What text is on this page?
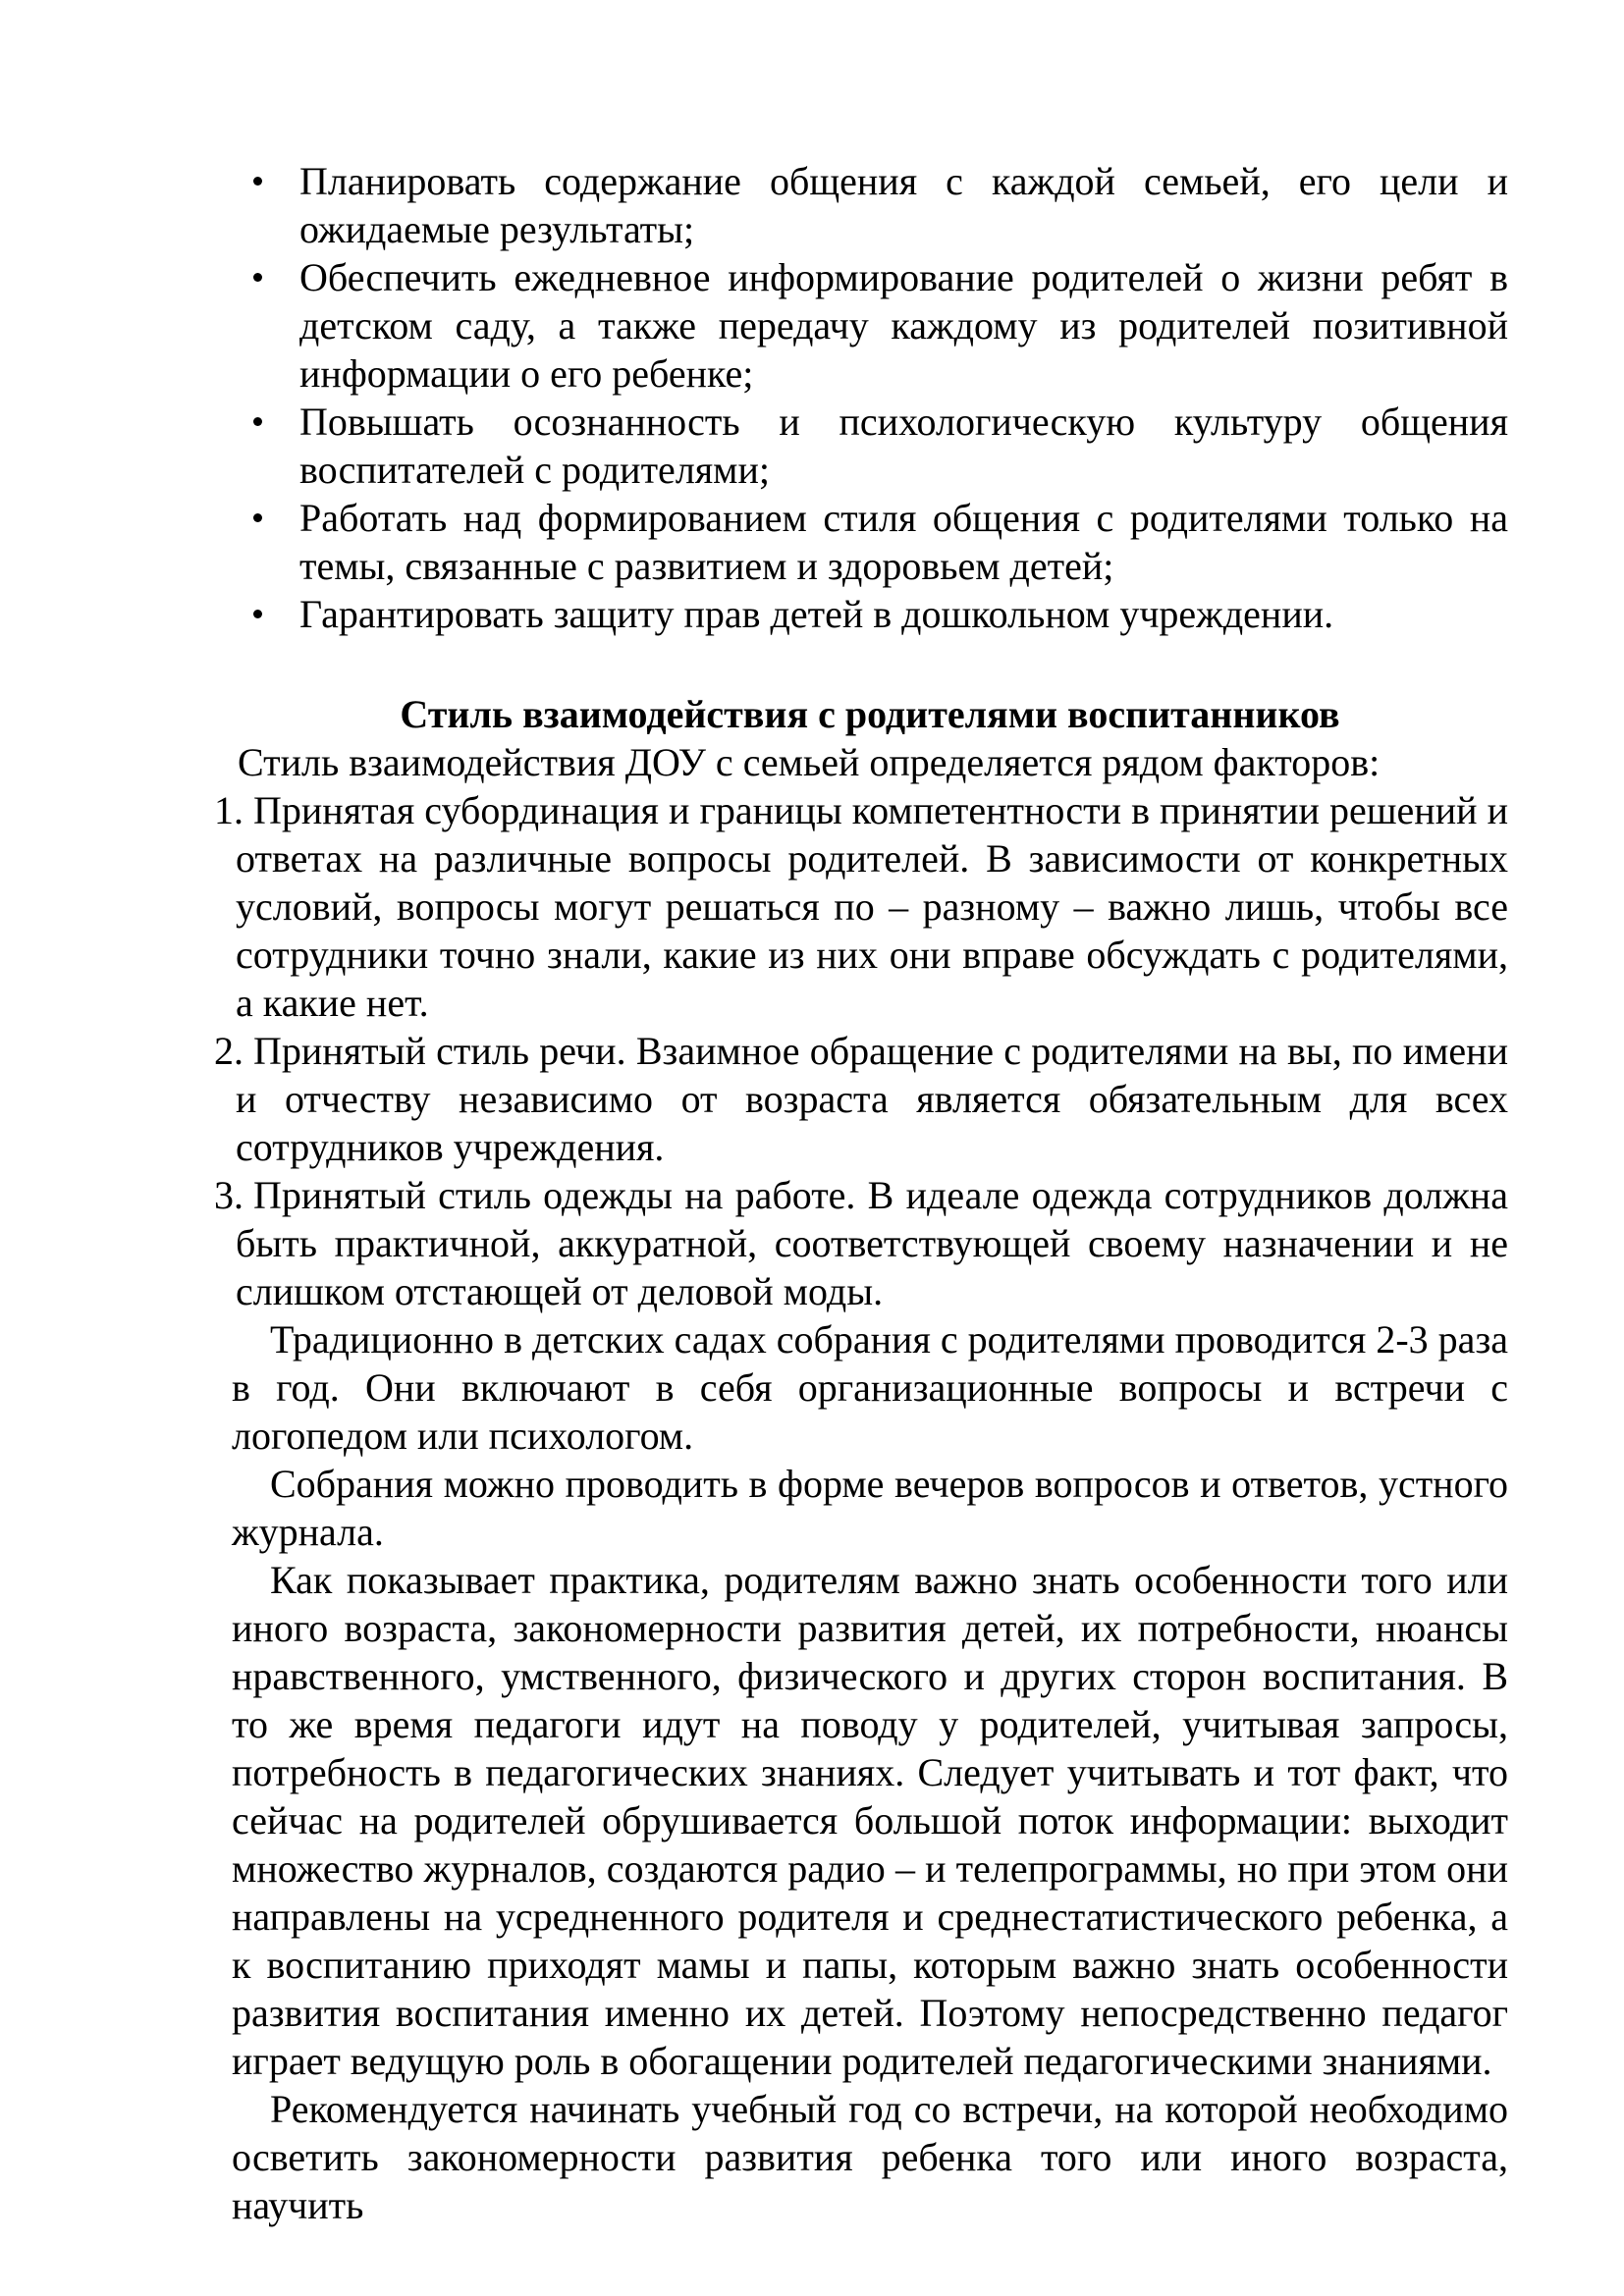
Планировать содержание общения с каждой семьей, его цели и ожидаемые результаты;
Обеспечить ежедневное информирование родителей о жизни ребят в детском саду, а также передачу каждому из родителей позитивной информации о его ребенке;
Повышать осознанность и психологическую культуру общения воспитателей с родителями;
Работать над формированием стиля общения с родителями только на темы, связанные с развитием и здоровьем детей;
Гарантировать защиту прав детей в дошкольном учреждении.
Стиль взаимодействия с родителями воспитанников

Стиль взаимодействия ДОУ с семьей определяется рядом факторов:

1. Принятая субординация и границы компетентности в принятии решений и ответах на различные вопросы родителей. В зависимости от конкретных условий, вопросы могут решаться по – разному – важно лишь, чтобы все сотрудники точно знали, какие из них они вправе обсуждать с родителями, а какие нет.
2. Принятый стиль речи. Взаимное обращение с родителями на вы, по имени и отчеству независимо от возраста является обязательным для всех сотрудников учреждения.
3. Принятый стиль одежды на работе. В идеале одежда сотрудников должна быть практичной, аккуратной, соответствующей своему назначении и не слишком отстающей от деловой моды.

Традиционно в детских садах собрания с родителями проводится 2-3 раза в год. Они включают в себя организационные вопросы и встречи с логопедом или психологом.

Собрания можно проводить в форме вечеров вопросов и ответов, устного журнала.

Как показывает практика, родителям важно знать особенности того или иного возраста, закономерности развития детей, их потребности, нюансы нравственного, умственного, физического и других сторон воспитания. В то же время педагоги идут на поводу у родителей, учитывая запросы, потребность в педагогических знаниях. Следует учитывать и тот факт, что сейчас на родителей обрушивается большой поток информации: выходит множество журналов, создаются радио – и телепрограммы, но при этом они направлены на усредненного родителя и среднестатистического ребенка, а к воспитанию приходят мамы и папы, которым важно знать особенности развития воспитания именно их детей. Поэтому непосредственно педагог играет ведущую роль в обогащении родителей педагогическими знаниями.

Рекомендуется начинать учебный год со встречи, на которой необходимо осветить закономерности развития ребенка того или иного возраста, научить
